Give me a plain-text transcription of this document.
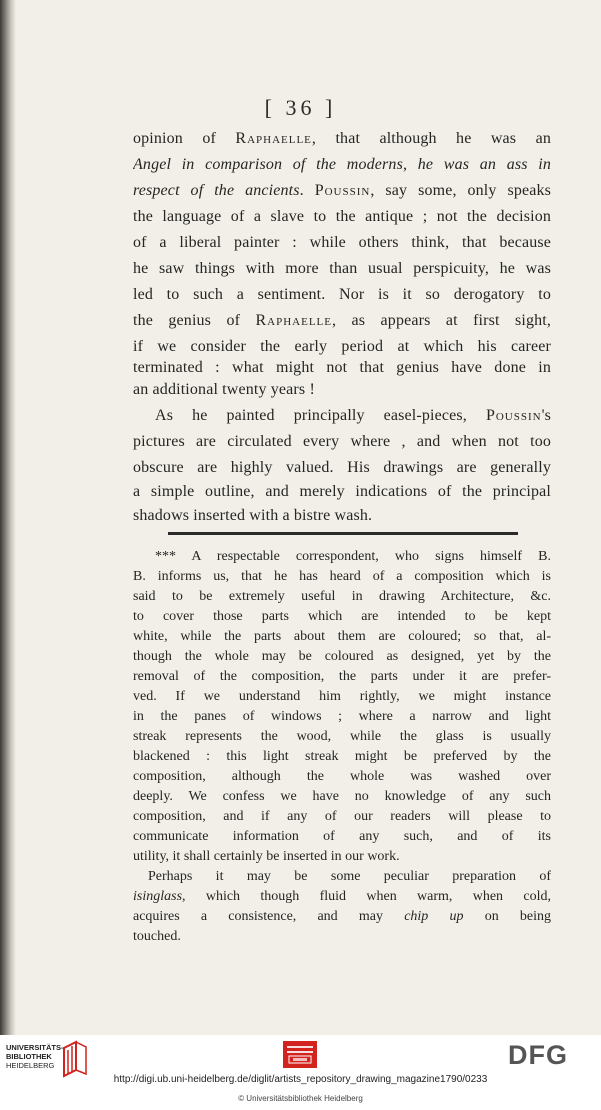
[ 36 ]
opinion of Raphaelle, that although he was an
Angel in comparison of the moderns, he was an ass in
respect of the ancients. Poussin, say some, only speaks
the language of a slave to the antique ; not the decision
of a liberal painter : while others think, that because
he saw things with more than usual perspicuity, he was
led to such a sentiment. Nor is it so derogatory to
the genius of Raphaelle, as appears at first sight,
if we consider the early period at which his career
terminated : what might not that genius have done in
an additional twenty years !
As he painted principally easel-pieces, Poussin's
pictures are circulated every where , and when not too
obscure are highly valued. His drawings are generally
a simple outline, and merely indications of the principal
shadows inserted with a bistre wash.
*** A respectable correspondent, who signs himself B.
B. informs us, that he has heard of a composition which is
said to be extremely useful in drawing Architecture, &c.
to cover those parts which are intended to be kept
white, while the parts about them are coloured; so that, al-
though the whole may be coloured as designed, yet by the
removal of the composition, the parts under it are prefer-
ved. If we understand him rightly, we might instance
in the panes of windows ; where a narrow and light
streak represents the wood, while the glass is usually
blackened : this light streak might be preferved by the
composition, although the whole was washed over
deeply. We confess we have no knowledge of any such
composition, and if any of our readers will please to
communicate information of any such, and of its
utility, it shall certainly be inserted in our work.
Perhaps it may be some peculiar preparation of
isinglass, which though fluid when warm, when cold,
acquires a consistence, and may chip up on being
touched.
UNIVERSITÄTS-
BIBLIOTHEK
HEIDELBERG	DFG
http://digi.ub.uni-heidelberg.de/diglit/artists_repository_drawing_magazine1790/0233
© Universitätsbibliothek Heidelberg
